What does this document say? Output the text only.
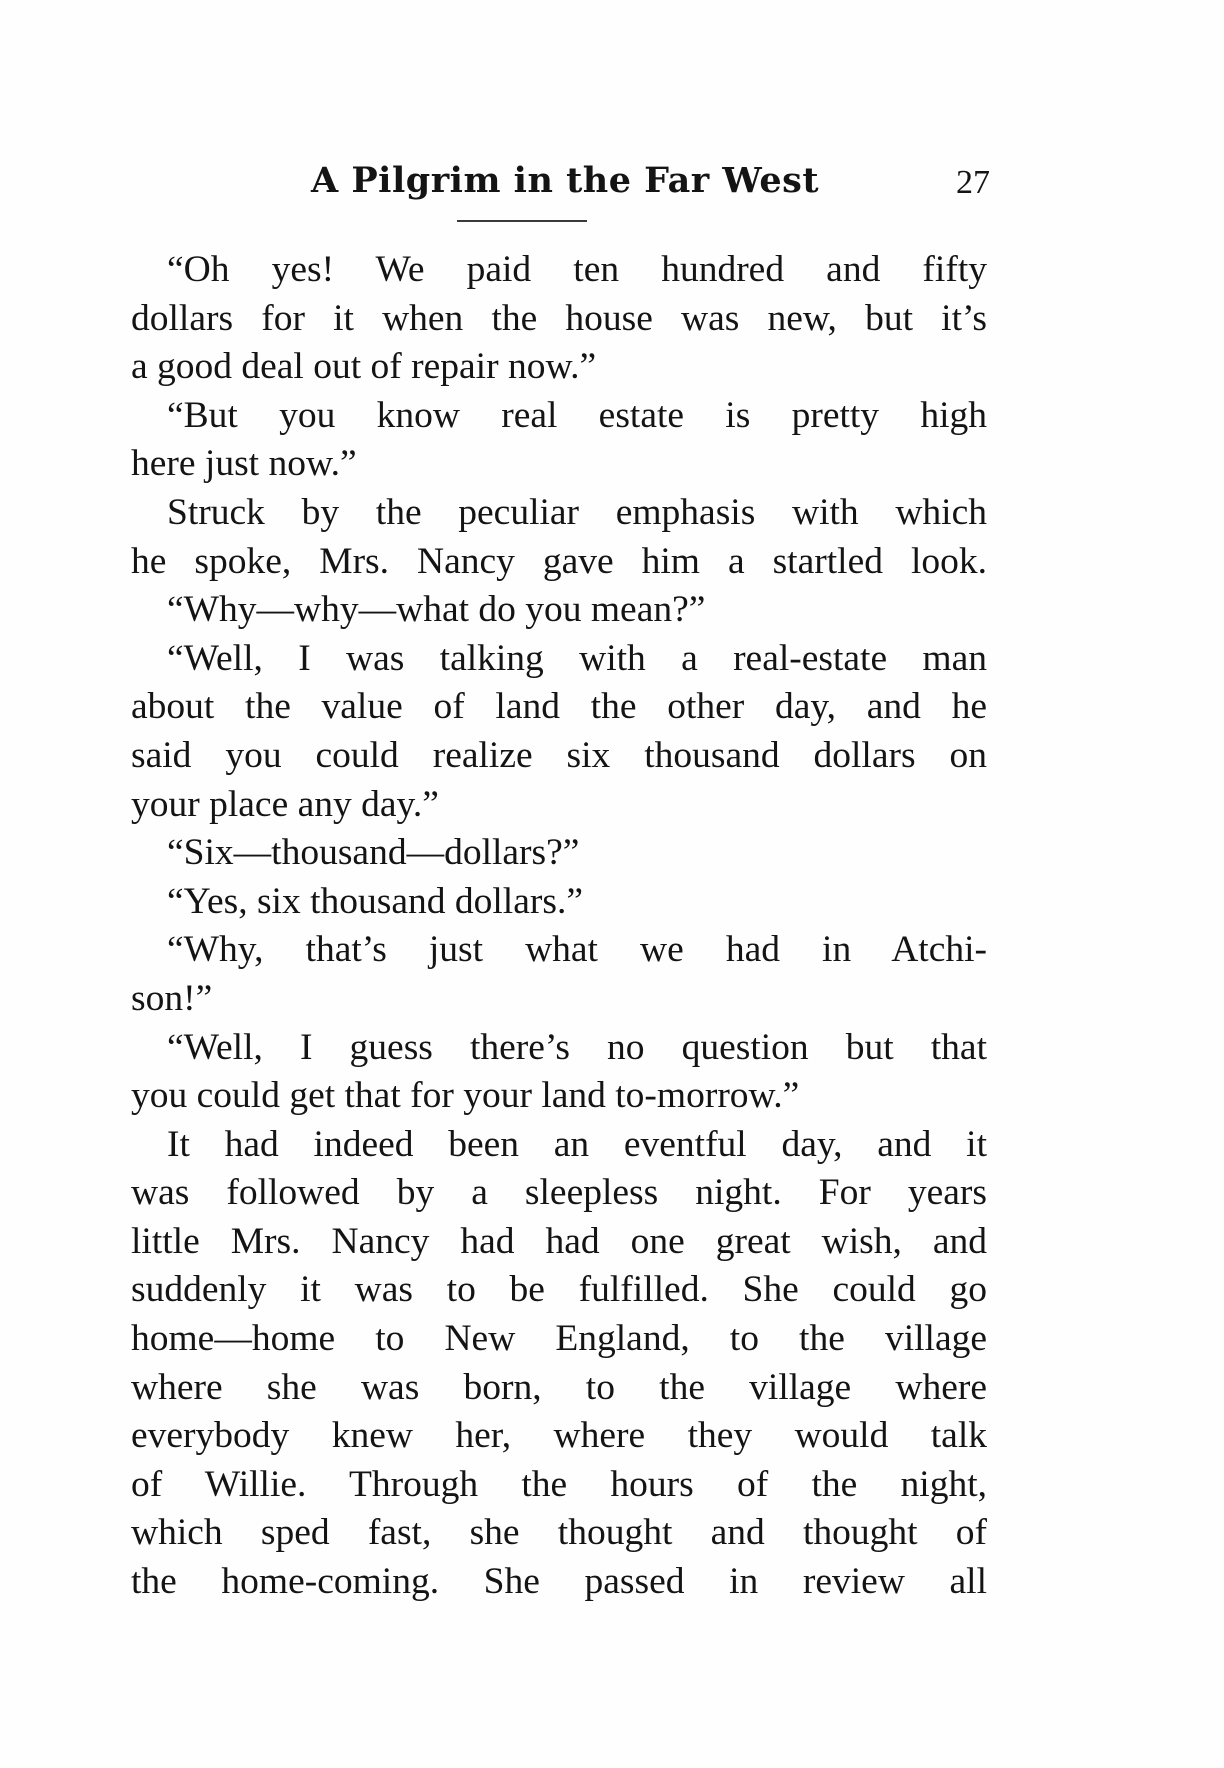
A Pilgrim in the Far West	27
“Oh yes! We paid ten hundred and fifty
dollars for it when the house was new, but it’s
a good deal out of repair now.”
“But you know real estate is pretty high
here just now.”
Struck by the peculiar emphasis with which
he spoke, Mrs. Nancy gave him a startled look.
“Why—why—what do you mean?”
“Well, I was talking with a real-estate man
about the value of land the other day, and he
said you could realize six thousand dollars on
your place any day.”
“Six—thousand—dollars?”
“Yes, six thousand dollars.”
“Why, that’s just what we had in Atchi-
son!”
“Well, I guess there’s no question but that
you could get that for your land to-morrow.”
It had indeed been an eventful day, and it
was followed by a sleepless night. For years
little Mrs. Nancy had had one great wish, and
suddenly it was to be fulfilled. She could go
home—home to New England, to the village
where she was born, to the village where
everybody knew her, where they would talk
of Willie. Through the hours of the night,
which sped fast, she thought and thought of
the home-coming. She passed in review all
